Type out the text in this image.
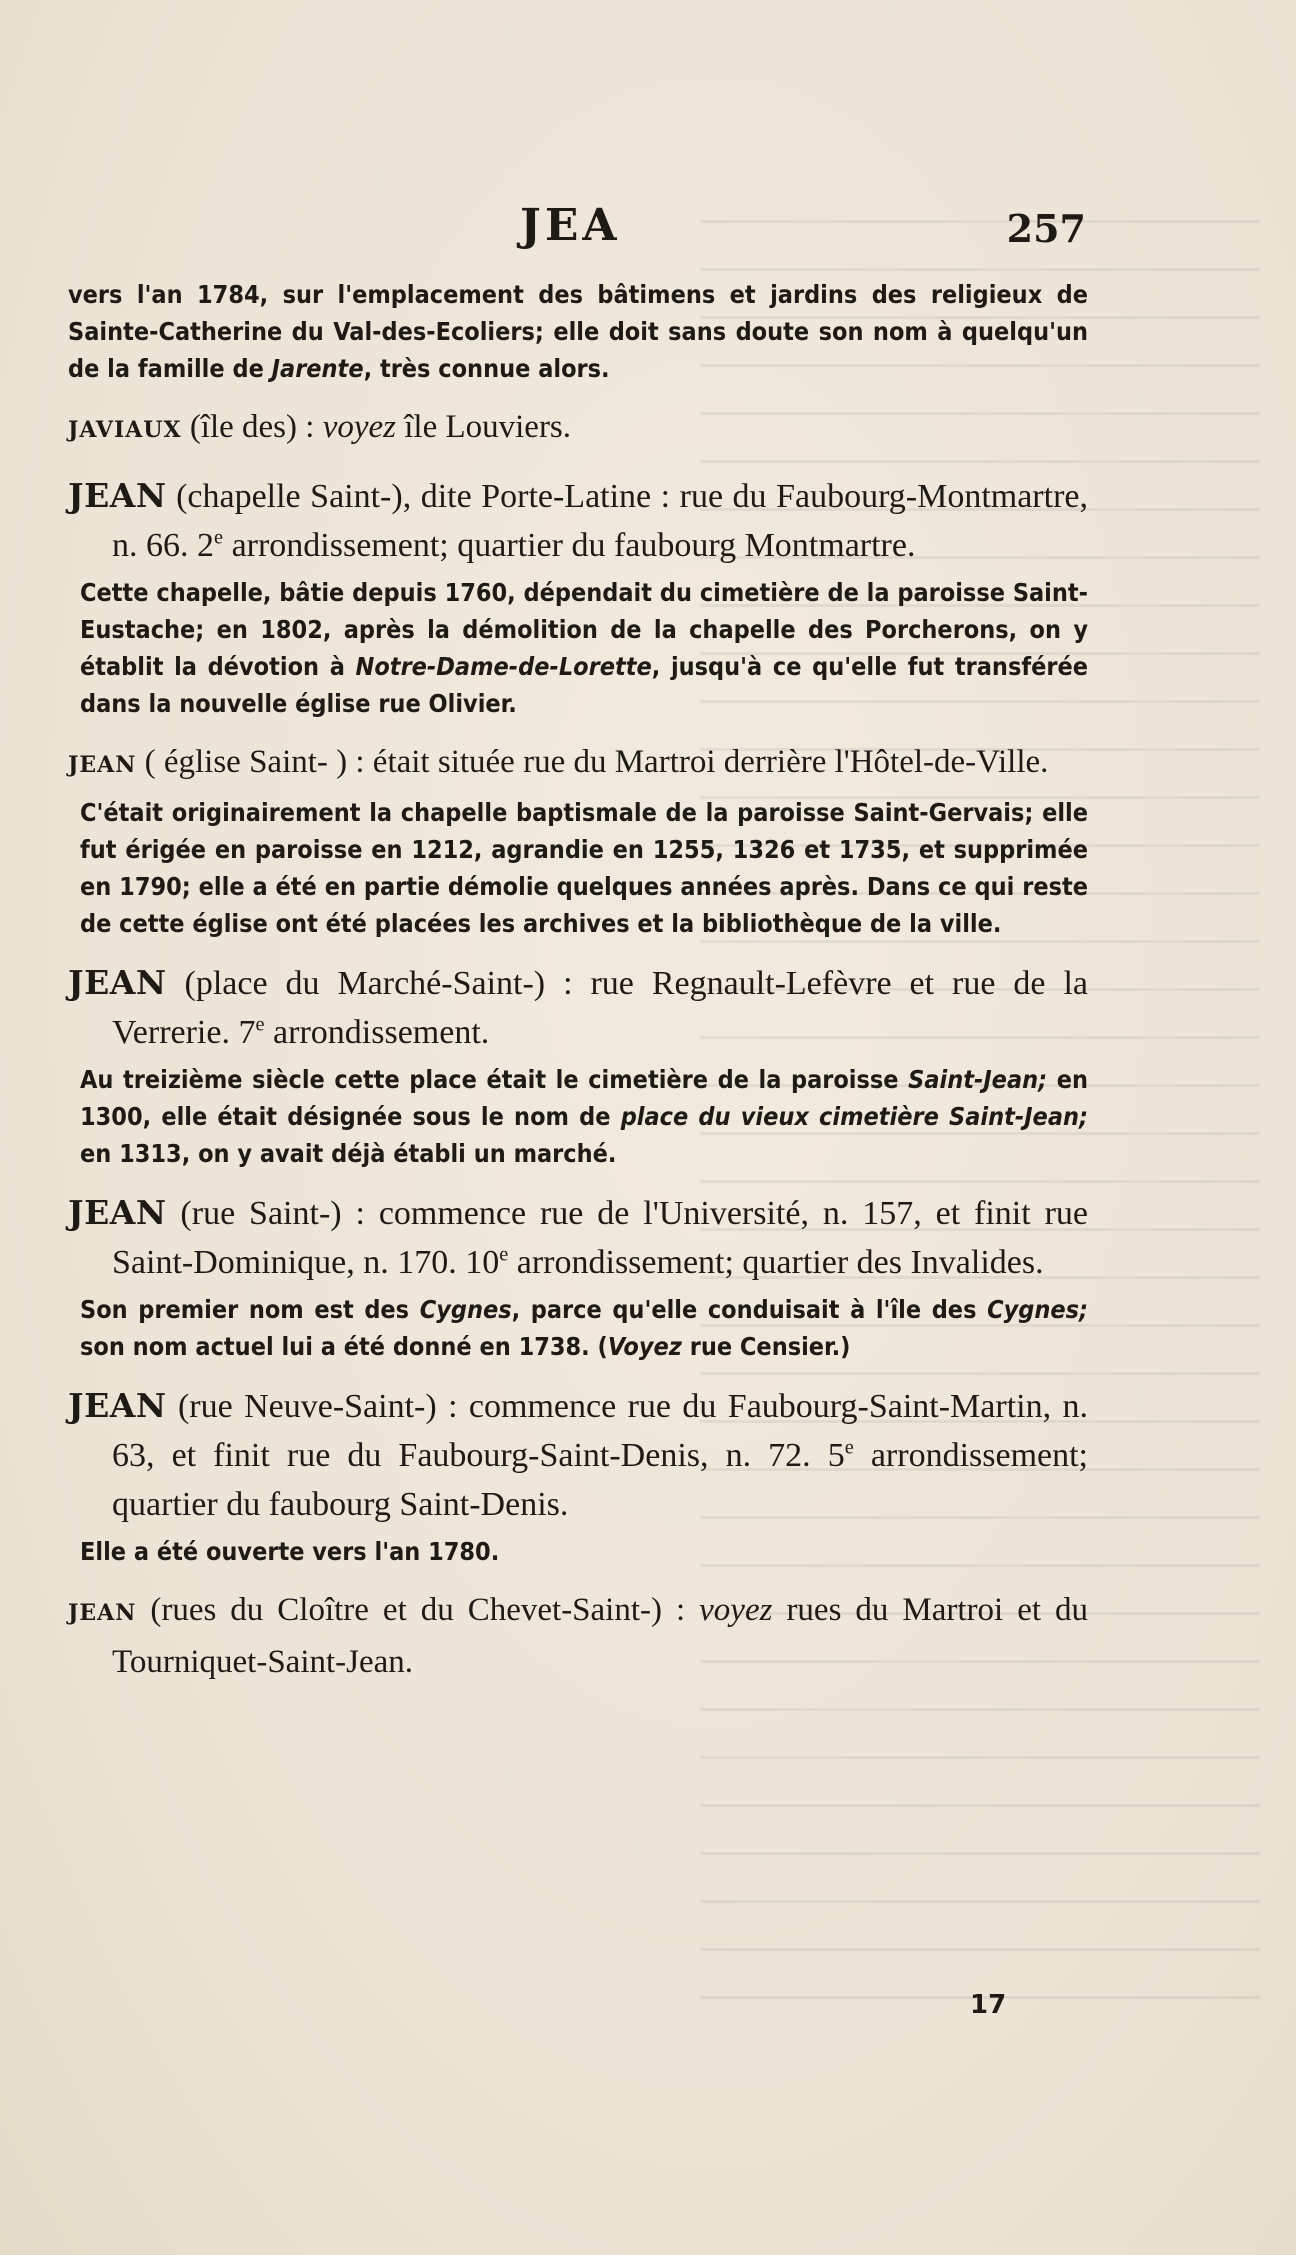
JEA	257

vers l'an 1784, sur l'emplacement des bâtimens et jardins des religieux de Sainte-Catherine du Val-des-Ecoliers; elle doit sans doute son nom à quelqu'un de la famille de Jarente, très connue alors.

JAVIAUX (île des) : voyez île Louviers.

JEAN (chapelle Saint-), dite Porte-Latine : rue du Faubourg-Montmartre, n. 66. 2e arrondissement; quartier du faubourg Montmartre.

Cette chapelle, bâtie depuis 1760, dépendait du cimetière de la paroisse Saint-Eustache; en 1802, après la démolition de la chapelle des Porcherons, on y établit la dévotion à Notre-Dame-de-Lorette, jusqu'à ce qu'elle fut transférée dans la nouvelle église rue Olivier.

JEAN ( église Saint- ) : était située rue du Martroi derrière l'Hôtel-de-Ville.

C'était originairement la chapelle baptismale de la paroisse Saint-Gervais; elle fut érigée en paroisse en 1212, agrandie en 1255, 1326 et 1735, et supprimée en 1790; elle a été en partie démolie quelques années après. Dans ce qui reste de cette église ont été placées les archives et la bibliothèque de la ville.

JEAN (place du Marché-Saint-) : rue Regnault-Lefèvre et rue de la Verrerie. 7e arrondissement.

Au treizième siècle cette place était le cimetière de la paroisse Saint-Jean; en 1300, elle était désignée sous le nom de place du vieux cimetière Saint-Jean; en 1313, on y avait déjà établi un marché.

JEAN (rue Saint-) : commence rue de l'Université, n. 157, et finit rue Saint-Dominique, n. 170. 10e arrondissement; quartier des Invalides.

Son premier nom est des Cygnes, parce qu'elle conduisait à l'île des Cygnes; son nom actuel lui a été donné en 1738. (Voyez rue Censier.)

JEAN (rue Neuve-Saint-) : commence rue du Faubourg-Saint-Martin, n. 63, et finit rue du Faubourg-Saint-Denis, n. 72. 5e arrondissement; quartier du faubourg Saint-Denis.

Elle a été ouverte vers l'an 1780.

JEAN (rues du Cloître et du Chevet-Saint-) : voyez rues du Martroi et du Tourniquet-Saint-Jean.

17
